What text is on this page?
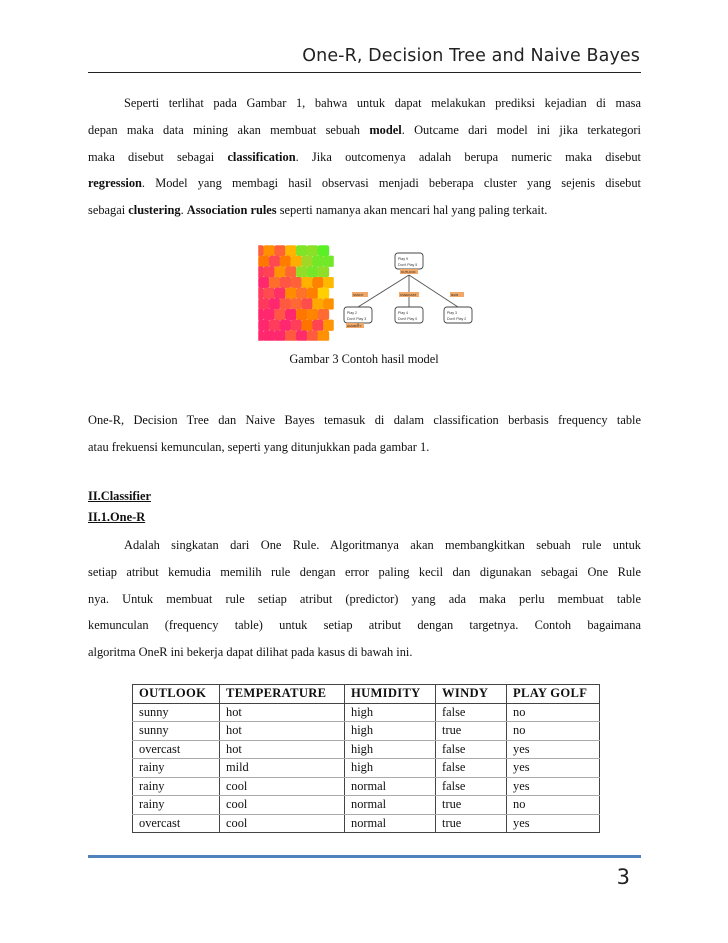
One-R, Decision Tree and Naive Bayes
Seperti terlihat pada Gambar 1, bahwa untuk dapat melakukan prediksi kejadian di masa
depan maka data mining akan membuat sebuah model. Outcame dari model ini jika terkategori
maka disebut sebagai classification. Jika outcomenya adalah berupa numeric maka disebut
regression. Model yang membagi hasil observasi menjadi beberapa cluster yang sejenis disebut
sebagai clustering. Association rules seperti namanya akan mencari hal yang paling terkait.
Play 9
Don't Play 5
Play 2
Don't Play 3
Play 4
Don't Play 0
Play 3
Don't Play 2
OUTLOOK
SUNNY	OVERCAST	RAIN
HUMIDITY
Gambar 3 Contoh hasil model
One-R, Decision Tree dan Naive Bayes temasuk di dalam classification berbasis frequency table
atau frekuensi kemunculan, seperti yang ditunjukkan pada gambar 1.
II.Classifier
II.1.One-R
Adalah singkatan dari One Rule. Algoritmanya akan membangkitkan sebuah rule untuk
setiap atribut kemudia memilih rule dengan error paling kecil dan digunakan sebagai One Rule
nya. Untuk membuat rule setiap atribut (predictor) yang ada maka perlu membuat table
kemunculan (frequency table) untuk setiap atribut dengan targetnya. Contoh bagaimana
algoritma OneR ini bekerja dapat dilihat pada kasus di bawah ini.
OUTLOOK	TEMPERATURE	HUMIDITY	WINDY	PLAY GOLF
sunny	hot	high	false	no
sunny	hot	high	true	no
overcast	hot	high	false	yes
rainy	mild	high	false	yes
rainy	cool	normal	false	yes
rainy	cool	normal	true	no
overcast	cool	normal	true	yes
3
